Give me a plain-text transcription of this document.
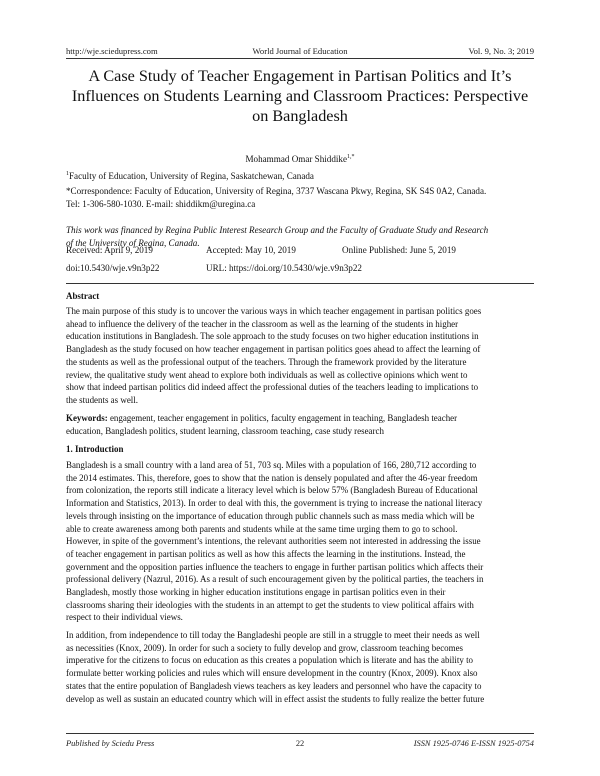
http://wje.sciedupress.com	World Journal of Education	Vol. 9, No. 3; 2019
A Case Study of Teacher Engagement in Partisan Politics and It’s
Influences on Students Learning and Classroom Practices: Perspective
on Bangladesh
Mohammad Omar Shiddike$^{1,*}$
$^1$Faculty of Education, University of Regina, Saskatchewan, Canada
*Correspondence: Faculty of Education, University of Regina, 3737 Wascana Pkwy, Regina, SK S4S 0A2, Canada.
Tel: 1-306-580-1030. E-mail: shiddikm@uregina.ca
This work was financed by Regina Public Interest Research Group and the Faculty of Graduate Study and Research
of the University of Regina, Canada.
Received: April 9, 2019	Accepted: May 10, 2019	Online Published: June 5, 2019
doi:10.5430/wje.v9n3p22	URL: https://doi.org/10.5430/wje.v9n3p22
Abstract
The main purpose of this study is to uncover the various ways in which teacher engagement in partisan politics goes
ahead to influence the delivery of the teacher in the classroom as well as the learning of the students in higher
education institutions in Bangladesh. The sole approach to the study focuses on two higher education institutions in
Bangladesh as the study focused on how teacher engagement in partisan politics goes ahead to affect the learning of
the students as well as the professional output of the teachers. Through the framework provided by the literature
review, the qualitative study went ahead to explore both individuals as well as collective opinions which went to
show that indeed partisan politics did indeed affect the professional duties of the teachers leading to implications to
the students as well.
Keywords: engagement, teacher engagement in politics, faculty engagement in teaching, Bangladesh teacher
education, Bangladesh politics, student learning, classroom teaching, case study research
1. Introduction
Bangladesh is a small country with a land area of 51, 703 sq. Miles with a population of 166, 280,712 according to
the 2014 estimates. This, therefore, goes to show that the nation is densely populated and after the 46-year freedom
from colonization, the reports still indicate a literacy level which is below 57% (Bangladesh Bureau of Educational
Information and Statistics, 2013). In order to deal with this, the government is trying to increase the national literacy
levels through insisting on the importance of education through public channels such as mass media which will be
able to create awareness among both parents and students while at the same time urging them to go to school.
However, in spite of the government’s intentions, the relevant authorities seem not interested in addressing the issue
of teacher engagement in partisan politics as well as how this affects the learning in the institutions. Instead, the
government and the opposition parties influence the teachers to engage in further partisan politics which affects their
professional delivery (Nazrul, 2016). As a result of such encouragement given by the political parties, the teachers in
Bangladesh, mostly those working in higher education institutions engage in partisan politics even in their
classrooms sharing their ideologies with the students in an attempt to get the students to view political affairs with
respect to their individual views.
In addition, from independence to till today the Bangladeshi people are still in a struggle to meet their needs as well
as necessities (Knox, 2009). In order for such a society to fully develop and grow, classroom teaching becomes
imperative for the citizens to focus on education as this creates a population which is literate and has the ability to
formulate better working policies and rules which will ensure development in the country (Knox, 2009). Knox also
states that the entire population of Bangladesh views teachers as key leaders and personnel who have the capacity to
develop as well as sustain an educated country which will in effect assist the students to fully realize the better future
Published by Sciedu Press	22	ISSN 1925-0746 E-ISSN 1925-0754
